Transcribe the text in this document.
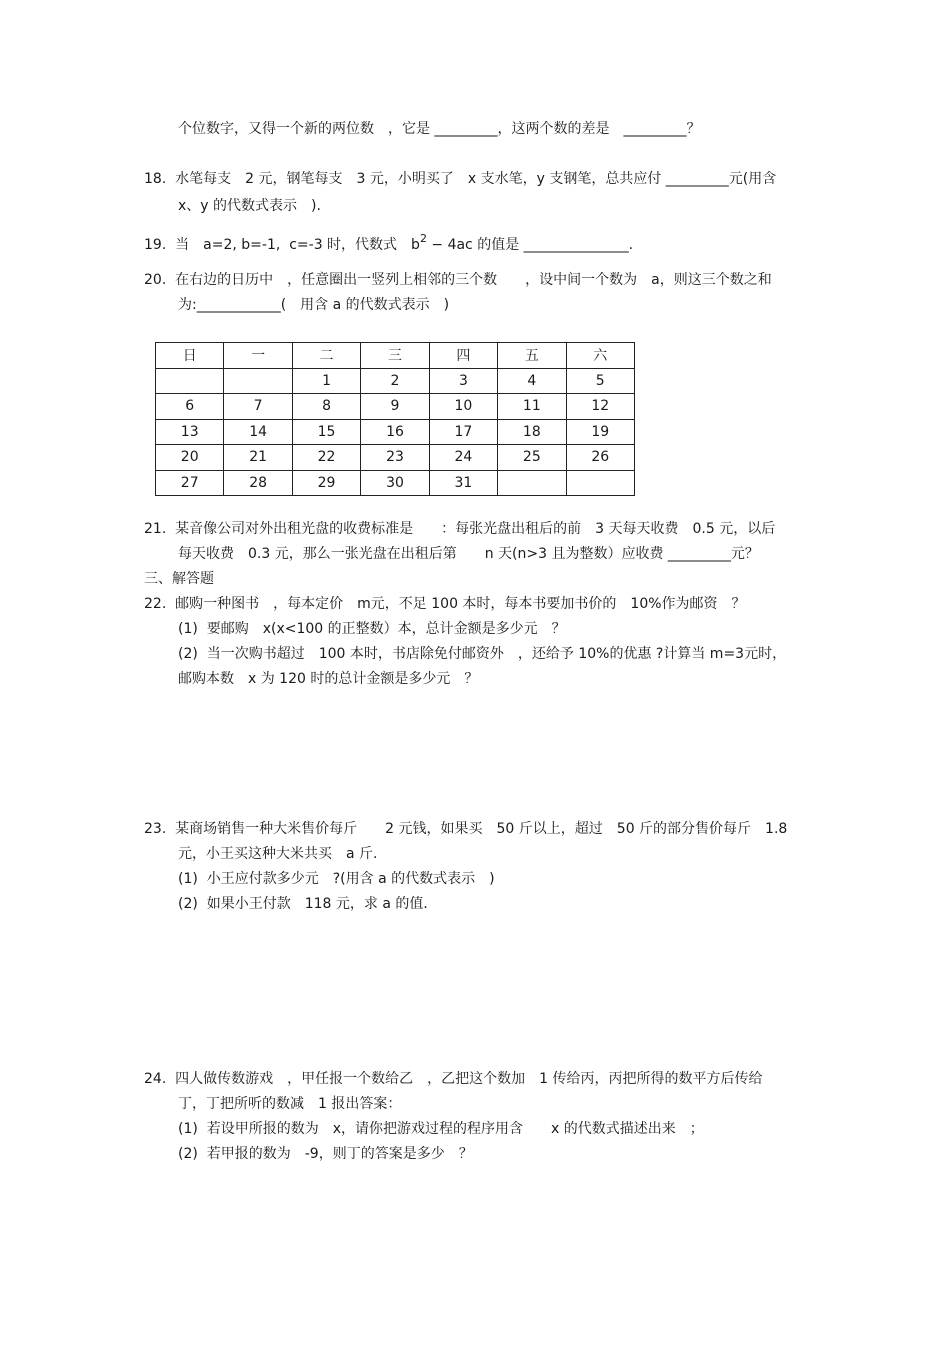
个位数字，又得一个新的两位数　，它是 _________，这两个数的差是　_________？
18.  水笔每支　2 元，钢笔每支　3 元，小明买了　x 支水笔，y 支钢笔，总共应付 _________元(用含
x、y 的代数式表示　).
19.  当　a=2, b=-1,  c=-3 时，代数式　$b^2 - 4ac$ 的值是 _______________.
20.  在右边的日历中　，任意圈出一竖列上相邻的三个数　　，设中间一个数为　a，则这三个数之和
为:____________(　用含 a 的代数式表示　)
日	一	二	三	四	五	六
		1	2	3	4	5
6	7	8	9	10	11	12
13	14	15	16	17	18	19
20	21	22	23	24	25	26
27	28	29	30	31		
21.  某音像公司对外出租光盘的收费标准是　　：每张光盘出租后的前　3 天每天收费　0.5 元，以后
每天收费　0.3 元，那么一张光盘在出租后第　　n 天(n>3 且为整数）应收费 _________元？
三、解答题
22.  邮购一种图书　，每本定价　m元，不足 100 本时，每本书要加书价的　10%作为邮资　？
(1)  要邮购　x(x<100 的正整数）本，总计金额是多少元　？
(2)  当一次购书超过　100 本时，书店除免付邮资外　，还给予 10%的优惠 ?计算当 m=3元时，
邮购本数　x 为 120 时的总计金额是多少元　？
23.  某商场销售一种大米售价每斤　　2 元钱，如果买　50 斤以上，超过　50 斤的部分售价每斤　1.8
元，小王买这种大米共买　a 斤.
(1)  小王应付款多少元　?(用含 a 的代数式表示　)
(2)  如果小王付款　118 元，求 a 的值．
24.  四人做传数游戏　，甲任报一个数给乙　，乙把这个数加　1 传给丙，丙把所得的数平方后传给
丁，丁把所听的数减　1 报出答案：
(1)  若设甲所报的数为　x，请你把游戏过程的程序用含　　x 的代数式描述出来　；
(2)  若甲报的数为　-9，则丁的答案是多少　？
